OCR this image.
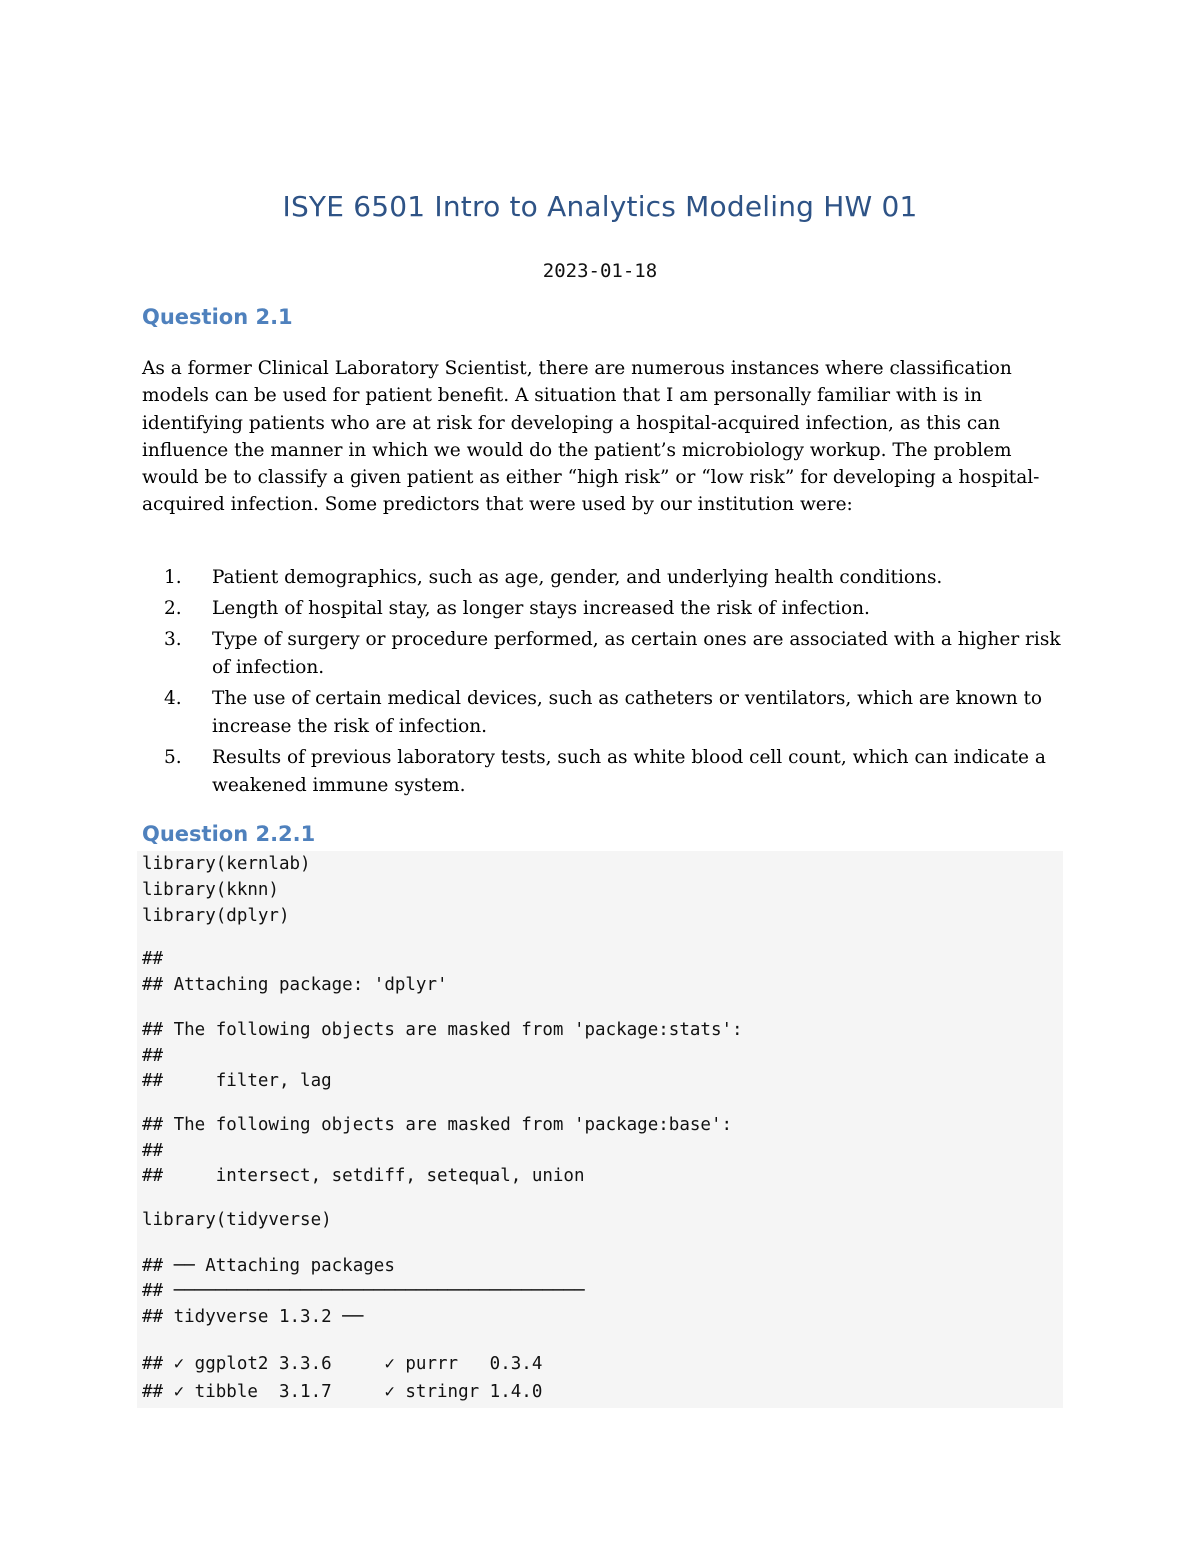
ISYE 6501 Intro to Analytics Modeling HW 01
2023-01-18
Question 2.1

As a former Clinical Laboratory Scientist, there are numerous instances where classification models can be used for patient benefit. A situation that I am personally familiar with is in identifying patients who are at risk for developing a hospital-acquired infection, as this can influence the manner in which we would do the patient’s microbiology workup. The problem would be to classify a given patient as either “high risk” or “low risk” for developing a hospital-acquired infection. Some predictors that were used by our institution were:

1. Patient demographics, such as age, gender, and underlying health conditions.
2. Length of hospital stay, as longer stays increased the risk of infection.
3. Type of surgery or procedure performed, as certain ones are associated with a higher risk of infection.
4. The use of certain medical devices, such as catheters or ventilators, which are known to increase the risk of infection.
5. Results of previous laboratory tests, such as white blood cell count, which can indicate a weakened immune system.
Question 2.2.1
library(kernlab)
library(kknn)
library(dplyr)
##
## Attaching package: 'dplyr'
## The following objects are masked from 'package:stats':
##
##     filter, lag
## The following objects are masked from 'package:base':
##
##     intersect, setdiff, setequal, union
library(tidyverse)
## ── Attaching packages
## ───────────────────────────────────────
## tidyverse 1.3.2 ──
## ✓ ggplot2 3.3.6     ✓ purrr   0.3.4
## ✓ tibble  3.1.7     ✓ stringr 1.4.0
